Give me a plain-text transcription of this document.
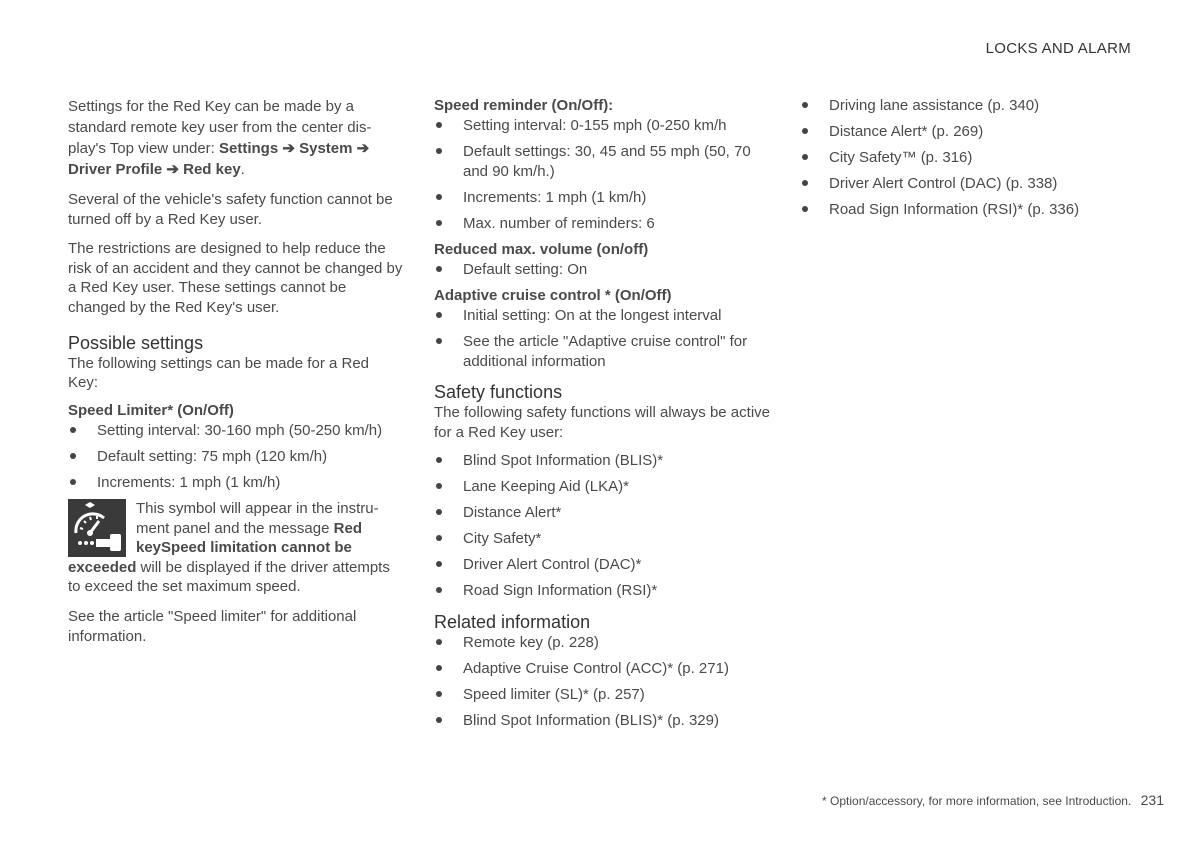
LOCKS AND ALARM

Settings for the Red Key can be made by a standard remote key user from the center dis- play's Top view under: Settings ➔ System ➔ Driver Profile ➔ Red key.

Several of the vehicle's safety function cannot be turned off by a Red Key user.

The restrictions are designed to help reduce the risk of an accident and they cannot be changed by a Red Key user. These settings cannot be changed by the Red Key's user.

Possible settings

The following settings can be made for a Red Key:

Speed Limiter* (On/Off)
Setting interval: 30-160 mph (50-250 km/h)
Default setting: 75 mph (120 km/h)
Increments: 1 mph (1 km/h)

This symbol will appear in the instru- ment panel and the message Red keySpeed limitation cannot be exceeded will be displayed if the driver attempts to exceed the set maximum speed.

See the article "Speed limiter" for additional information.

Speed reminder (On/Off):
Setting interval: 0-155 mph (0-250 km/h
Default settings: 30, 45 and 55 mph (50, 70 and 90 km/h.)
Increments: 1 mph (1 km/h)
Max. number of reminders: 6
Reduced max. volume (on/off)
Default setting: On
Adaptive cruise control * (On/Off)
Initial setting: On at the longest interval
See the article "Adaptive cruise control" for additional information
Safety functions

The following safety functions will always be active for a Red Key user:

Blind Spot Information (BLIS)*
Lane Keeping Aid (LKA)*
Distance Alert*
City Safety*
Driver Alert Control (DAC)*
Road Sign Information (RSI)*
Related information
Remote key (p. 228)
Adaptive Cruise Control (ACC)* (p. 271)
Speed limiter (SL)* (p. 257)
Blind Spot Information (BLIS)* (p. 329)
Driving lane assistance (p. 340)
Distance Alert* (p. 269)
City Safety™ (p. 316)
Driver Alert Control (DAC) (p. 338)
Road Sign Information (RSI)* (p. 336)
* Option/accessory, for more information, see Introduction. 231
